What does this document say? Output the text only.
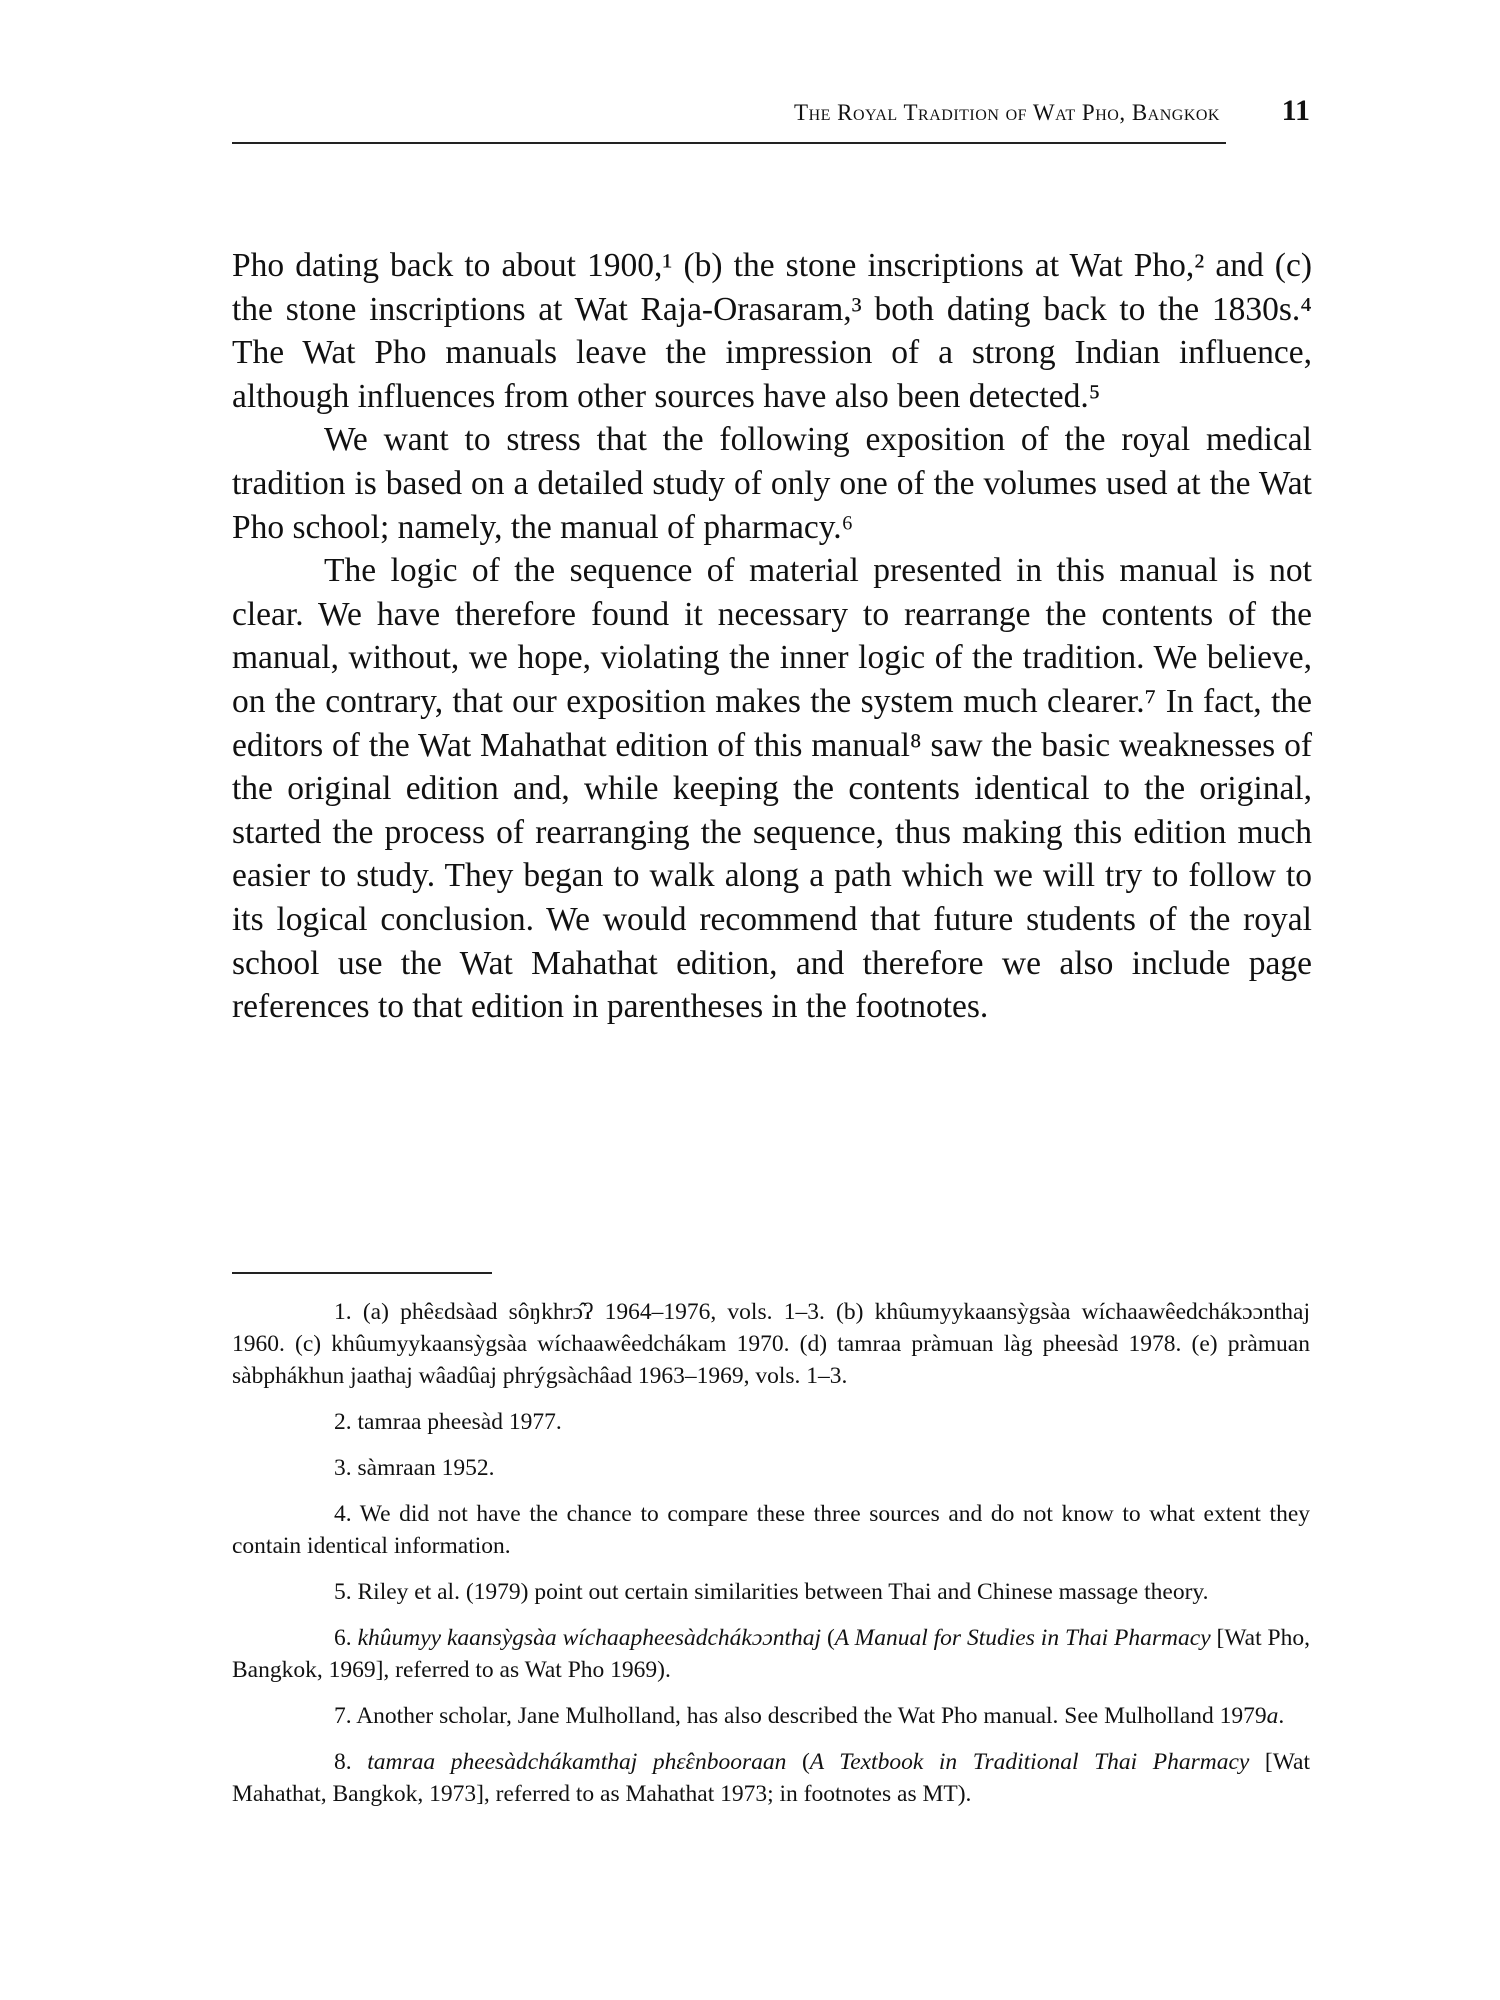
The Royal Tradition of Wat Pho, Bangkok 11

Pho dating back to about 1900,¹ (b) the stone inscriptions at Wat Pho,² and (c) the stone inscriptions at Wat Raja-Orasaram,³ both dating back to the 1830s.⁴ The Wat Pho manuals leave the impression of a strong Indian influence, although influences from other sources have also been detected.⁵

We want to stress that the following exposition of the royal medical tradition is based on a detailed study of only one of the volumes used at the Wat Pho school; namely, the manual of pharmacy.⁶

The logic of the sequence of material presented in this manual is not clear. We have therefore found it necessary to rearrange the contents of the manual, without, we hope, violating the inner logic of the tradition. We believe, on the contrary, that our exposition makes the system much clearer.⁷ In fact, the editors of the Wat Mahathat edition of this manual⁸ saw the basic weaknesses of the original edition and, while keeping the contents identical to the original, started the process of rearranging the sequence, thus making this edition much easier to study. They began to walk along a path which we will try to follow to its logical conclusion. We would recommend that future students of the royal school use the Wat Mahathat edition, and therefore we also include page references to that edition in parentheses in the footnotes.

1. (a) phêɛdsàad sôŋkhrɔ̂ʔ 1964–1976, vols. 1–3. (b) khûumyykaansỳgsàa wíchaawêedchákɔɔnthaj 1960. (c) khûumyykaansỳgsàa wíchaawêedchákam 1970. (d) tamraa pràmuan làg pheesàd 1978. (e) pràmuan sàbphákhun jaathaj wâadûaj phrýgsàchâad 1963–1969, vols. 1–3.

2. tamraa pheesàd 1977.

3. sàmraan 1952.

4. We did not have the chance to compare these three sources and do not know to what extent they contain identical information.

5. Riley et al. (1979) point out certain similarities between Thai and Chinese massage theory.

6. khûumyy kaansỳgsàa wíchaapheesàdchákɔɔnthaj (A Manual for Studies in Thai Pharmacy [Wat Pho, Bangkok, 1969], referred to as Wat Pho 1969).

7. Another scholar, Jane Mulholland, has also described the Wat Pho manual. See Mulholland 1979a.

8. tamraa pheesàdchákamthaj phɛ̂ɛnbooraan (A Textbook in Traditional Thai Pharmacy [Wat Mahathat, Bangkok, 1973], referred to as Mahathat 1973; in footnotes as MT).
